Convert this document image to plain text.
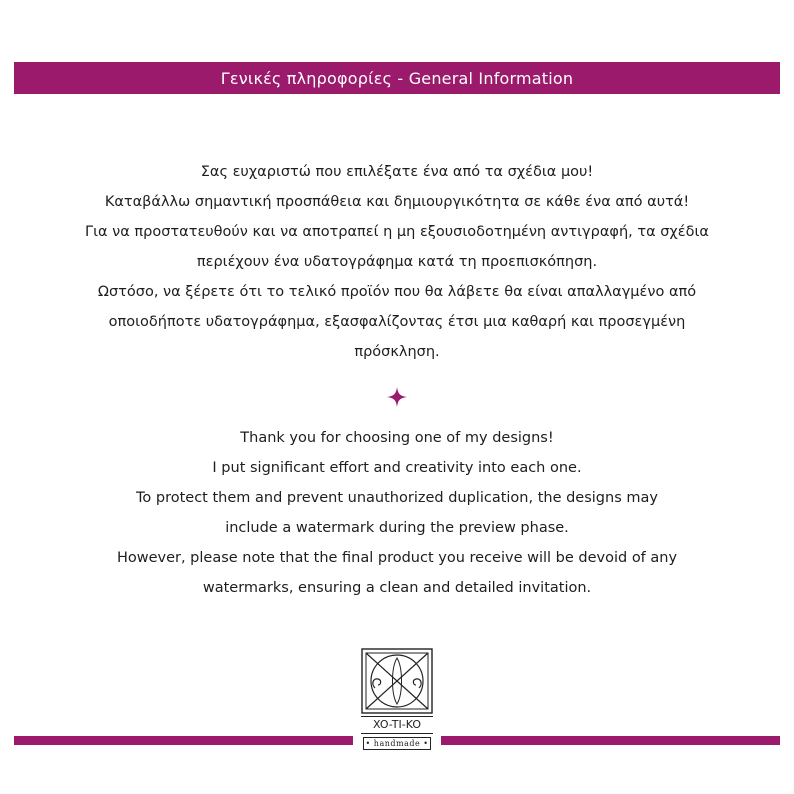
Γενικές πληροφορίες - General Information

Σας ευχαριστώ που επιλέξατε ένα από τα σχέδια μου!

Καταβάλλω σημαντική προσπάθεια και δημιουργικότητα σε κάθε ένα από αυτά!

Για να προστατευθούν και να αποτραπεί η μη εξουσιοδοτημένη αντιγραφή, τα σχέδια

περιέχουν ένα υδατογράφημα κατά τη προεπισκόπηση.

Ωστόσο, να ξέρετε ότι το τελικό προϊόν που θα λάβετε θα είναι απαλλαγμένο από

οποιοδήποτε υδατογράφημα, εξασφαλίζοντας έτσι μια καθαρή και προσεγμένη

πρόσκληση.

Thank you for choosing one of my designs!

I put significant effort and creativity into each one.

To protect them and prevent unauthorized duplication, the designs may

include a watermark during the preview phase.

However, please note that the final product you receive will be devoid of any

watermarks, ensuring a clean and detailed invitation.

XO-TI-KO
• handmade •
